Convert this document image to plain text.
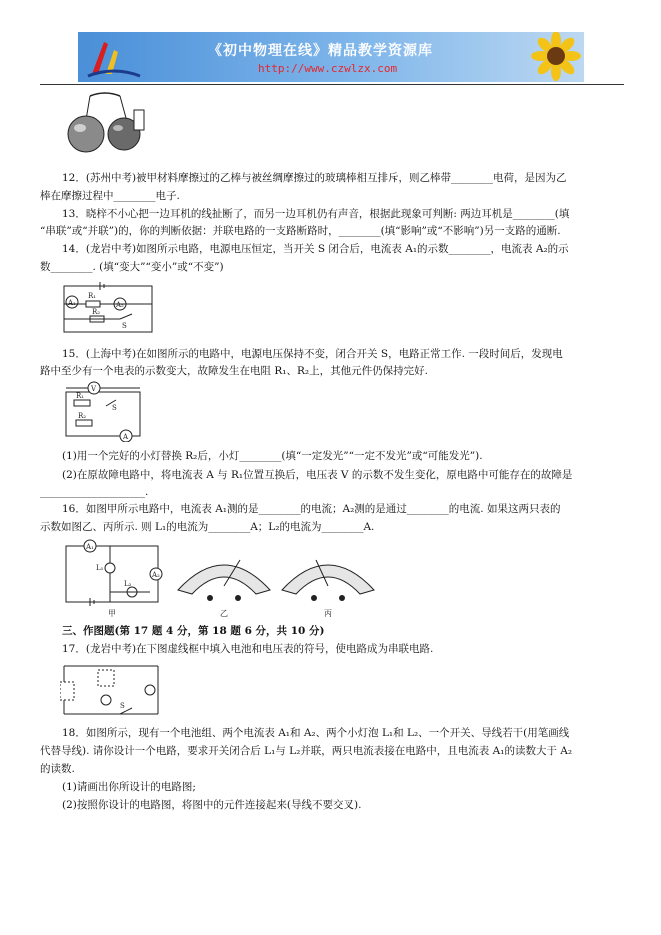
《初中物理在线》精品教学资源库
http://www.czwlzx.com
12．(苏州中考)被甲材料摩擦过的乙棒与被丝绸摩擦过的玻璃棒相互排斥，则乙棒带________电荷，是因为乙
棒在摩擦过程中________电子.
13．晓梓不小心把一边耳机的线扯断了，而另一边耳机仍有声音，根据此现象可判断: 两边耳机是________(填
“串联”或“并联”)的，你的判断依据：并联电路的一支路断路时，________(填“影响”或“不影响”)另一支路的通断.
14．(龙岩中考)如图所示电路，电源电压恒定，当开关 S 闭合后，电流表 A₁的示数________，电流表 A₂的示
数________. (填“变大”“变小”或“不变”)
A₁	A₂
R₁
R₂
S
15．(上海中考)在如图所示的电路中，电源电压保持不变，闭合开关 S，电路正常工作. 一段时间后，发现电
路中至少有一个电表的示数变大，故障发生在电阻 R₁、R₂上，其他元件仍保持完好.
V
R₁
S
R₂
A
(1)用一个完好的小灯替换 R₂后，小灯________(填“一定发光”“一定不发光”或“可能发光”).
(2)在原故障电路中，将电流表 A 与 R₁位置互换后，电压表 V 的示数不发生变化，原电路中可能存在的故障是
____________________.
16．如图甲所示电路中，电流表 A₁测的是________的电流；A₂测的是通过________的电流. 如果这两只表的
示数如图乙、丙所示. 则 L₁的电流为________A；L₂的电流为________A.
A₁
A₂
L₁
L₂
甲	乙	丙
三、作图题(第 17 题 4 分，第 18 题 6 分，共 10 分)
17．(龙岩中考)在下图虚线框中填入电池和电压表的符号，使电路成为串联电路.
S
18．如图所示，现有一个电池组、两个电流表 A₁和 A₂、两个小灯泡 L₁和 L₂、一个开关、导线若干(用笔画线
代替导线). 请你设计一个电路，要求开关闭合后 L₁与 L₂并联，两只电流表接在电路中，且电流表 A₁的读数大于 A₂
的读数.
(1)请画出你所设计的电路图;
(2)按照你设计的电路图，将图中的元件连接起来(导线不要交叉).
